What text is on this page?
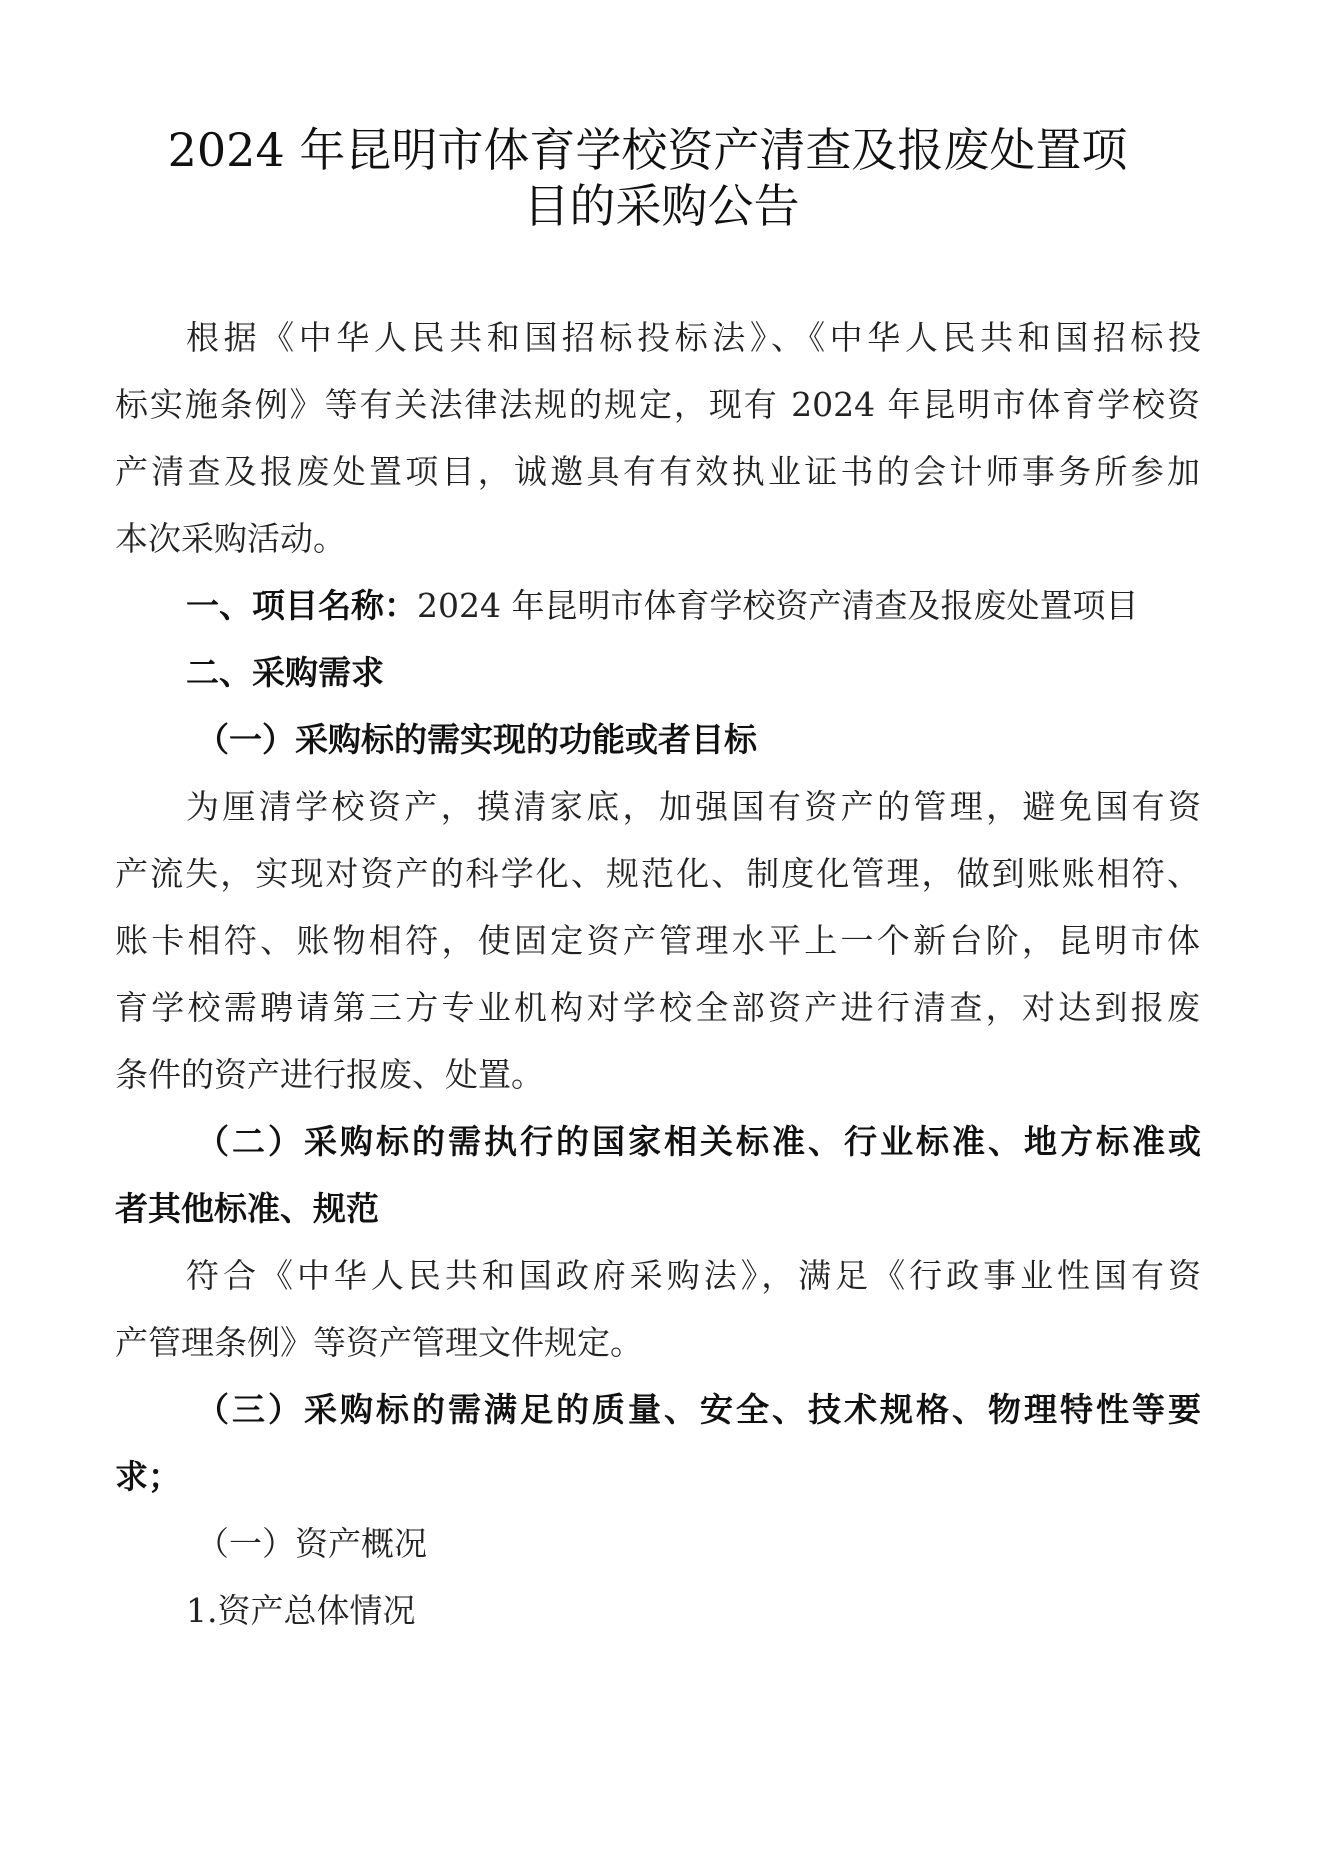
2024 年昆明市体育学校资产清查及报废处置项
目的采购公告
根据《中华人民共和国招标投标法》、《中华人民共和国招标投
标实施条例》等有关法律法规的规定，现有 2024 年昆明市体育学校资
产清查及报废处置项目，诚邀具有有效执业证书的会计师事务所参加
本次采购活动。
一、项目名称：2024 年昆明市体育学校资产清查及报废处置项目
二、采购需求
（一）采购标的需实现的功能或者目标
为厘清学校资产，摸清家底，加强国有资产的管理，避免国有资
产流失，实现对资产的科学化、规范化、制度化管理，做到账账相符、
账卡相符、账物相符，使固定资产管理水平上一个新台阶，昆明市体
育学校需聘请第三方专业机构对学校全部资产进行清查，对达到报废
条件的资产进行报废、处置。
（二）采购标的需执行的国家相关标准、行业标准、地方标准或
者其他标准、规范
符合《中华人民共和国政府采购法》，满足《行政事业性国有资
产管理条例》等资产管理文件规定。
（三）采购标的需满足的质量、安全、技术规格、物理特性等要
求；
（一）资产概况
1.资产总体情况
